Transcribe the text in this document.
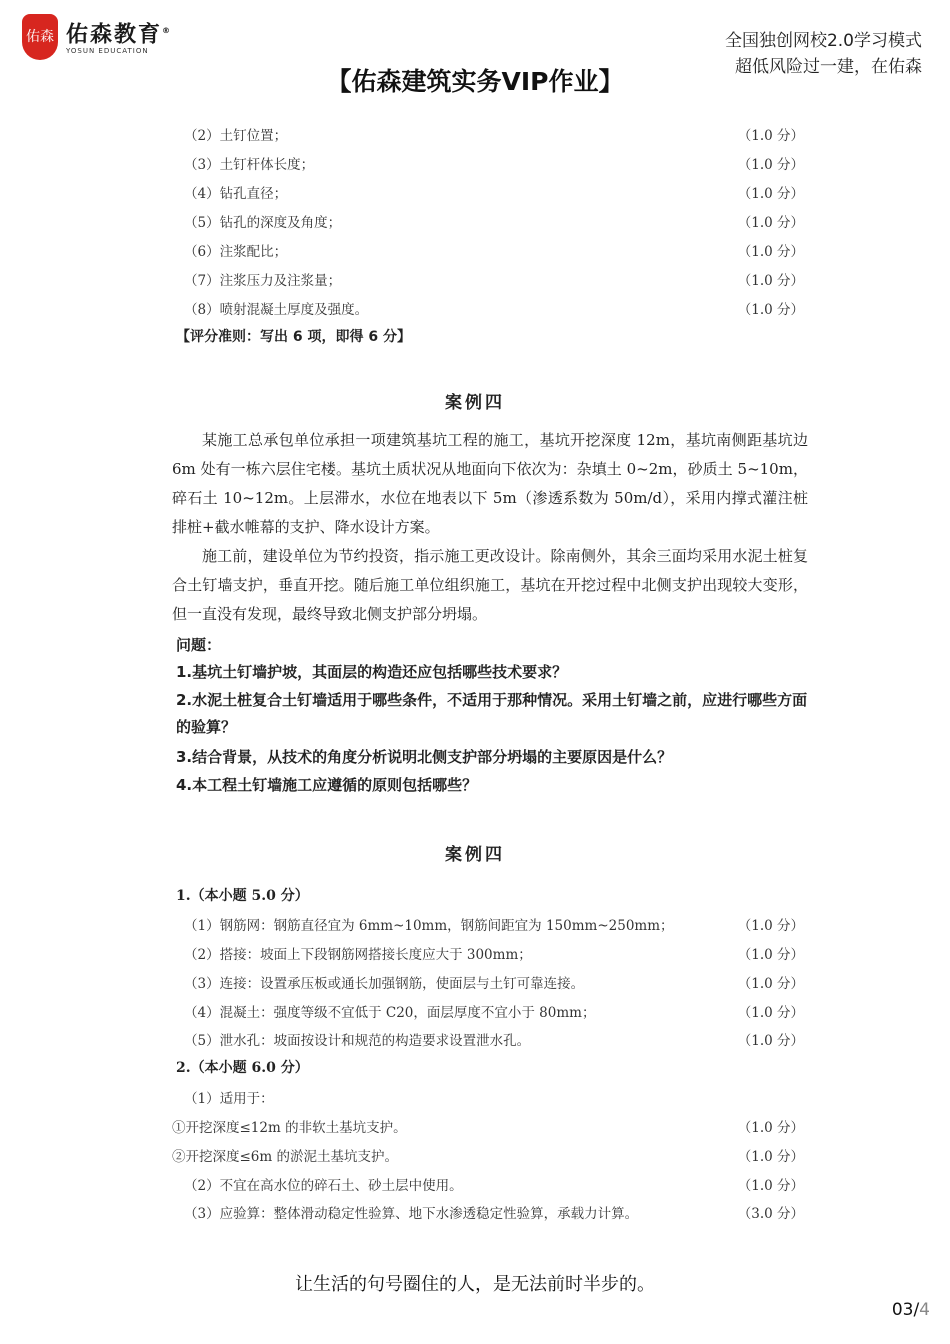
佑森 佑森教育®
YOSUN EDUCATION
全国独创网校2.0学习模式
超低风险过一建，在佑森
【佑森建筑实务VIP作业】
（2）土钉位置；	（1.0 分）
（3）土钉杆体长度；	（1.0 分）
（4）钻孔直径；	（1.0 分）
（5）钻孔的深度及角度；	（1.0 分）
（6）注浆配比；	（1.0 分）
（7）注浆压力及注浆量；	（1.0 分）
（8）喷射混凝土厚度及强度。	（1.0 分）
【评分准则：写出 6 项，即得 6 分】
案例四
某施工总承包单位承担一项建筑基坑工程的施工，基坑开挖深度 12m，基坑南侧距基坑边 6m 处有一栋六层住宅楼。基坑土质状况从地面向下依次为：杂填土 0~2m，砂质土 5~10m，碎石土 10~12m。上层滞水，水位在地表以下 5m（渗透系数为 50m/d），采用内撑式灌注桩排桩+截水帷幕的支护、降水设计方案。
施工前，建设单位为节约投资，指示施工更改设计。除南侧外，其余三面均采用水泥土桩复合土钉墙支护，垂直开挖。随后施工单位组织施工，基坑在开挖过程中北侧支护出现较大变形，但一直没有发现，最终导致北侧支护部分坍塌。
问题：
1.基坑土钉墙护坡，其面层的构造还应包括哪些技术要求？
2.水泥土桩复合土钉墙适用于哪些条件，不适用于那种情况。采用土钉墙之前，应进行哪些方面的验算？
3.结合背景，从技术的角度分析说明北侧支护部分坍塌的主要原因是什么？
4.本工程土钉墙施工应遵循的原则包括哪些？
案例四
1.（本小题 5.0 分）
（1）钢筋网：钢筋直径宜为 6mm~10mm，钢筋间距宜为 150mm~250mm；	（1.0 分）
（2）搭接：坡面上下段钢筋网搭接长度应大于 300mm；	（1.0 分）
（3）连接：设置承压板或通长加强钢筋，使面层与土钉可靠连接。	（1.0 分）
（4）混凝土：强度等级不宜低于 C20，面层厚度不宜小于 80mm；	（1.0 分）
（5）泄水孔：坡面按设计和规范的构造要求设置泄水孔。	（1.0 分）
2.（本小题 6.0 分）
（1）适用于：
①开挖深度≤12m 的非软土基坑支护。	（1.0 分）
②开挖深度≤6m 的淤泥土基坑支护。	（1.0 分）
（2）不宜在高水位的碎石土、砂土层中使用。	（1.0 分）
（3）应验算：整体滑动稳定性验算、地下水渗透稳定性验算，承载力计算。	（3.0 分）
让生活的句号圈住的人，是无法前时半步的。
03/4
